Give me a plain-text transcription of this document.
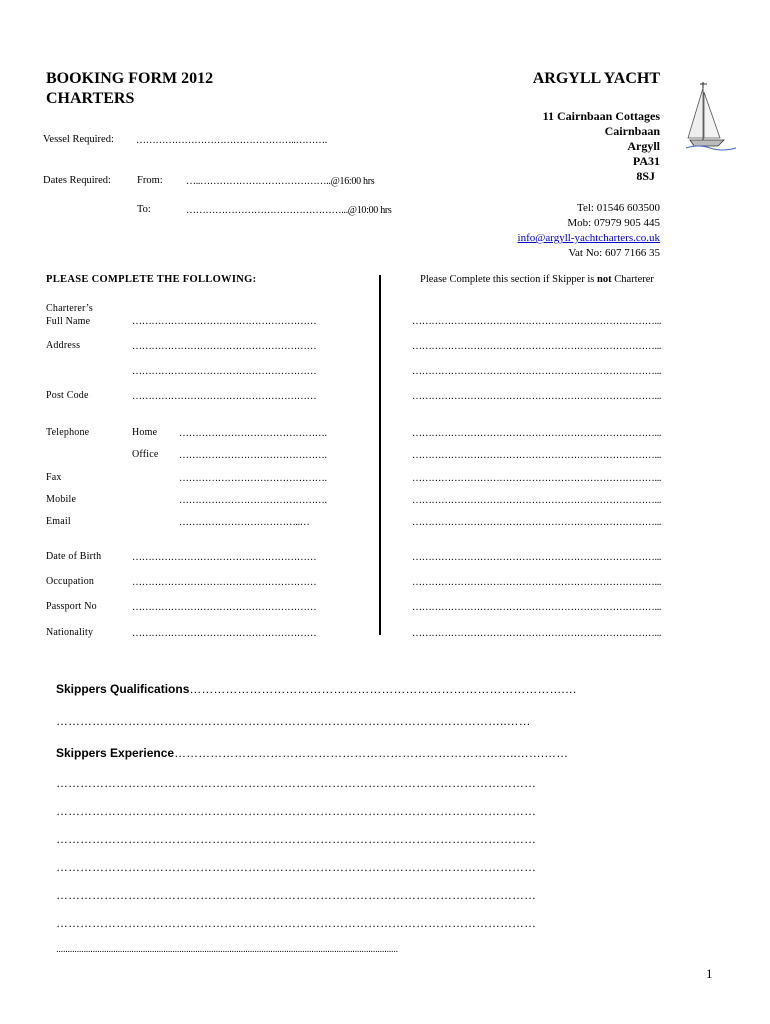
BOOKING FORM 2012
CHARTERS
ARGYLL YACHT
11 Cairnbaan Cottages
Cairnbaan
Argyll
PA31
8SJ
Tel: 01546 603500
Mob: 07979 905 445
info@argyll-yachtcharters.co.uk
Vat No: 607 7166 35
Vessel Required: …………………………………………..……….
Dates Required: From: …..…………………………………..@16:00 hrs
To:	…………………………………………...@10:00 hrs
PLEASE COMPLETE THE FOLLOWING:	Please Complete this section if Skipper is not Charterer
Charterer’s
Full Name	…………………………………………………	…………………………………………………………………...
Address	…………………………………………………	…………………………………………………………………...
…………………………………………………	…………………………………………………………………...
Post Code	…………………………………………………	…………………………………………………………………...
Telephone	Home ……………………………………….	…………………………………………………………………...
Office ……………………………………….	…………………………………………………………………...
Fax	……………………………………….	…………………………………………………………………...
Mobile	……………………………………….	…………………………………………………………………...
Email	………………………………..…	…………………………………………………………………...
Date of Birth	…………………………………………………	…………………………………………………………………...
Occupation	…………………………………………………	…………………………………………………………………...
Passport No	…………………………………………………	…………………………………………………………………...
Nationality	…………………………………………………	…………………………………………………………………...
Skippers Qualifications………………………………………………………………………………….…
…………………………………………………………………………………………………..……
Skippers Experience…………………………………………………………………………..…….……
…………………………………………………………………………………………………………
…………………………………………………………………………………………………………
…………………………………………………………………………………………………………
…………………………………………………………………………………………………………
…………………………………………………………………………………………………………
…………………………………………………………………………………………………………
......................................................................................................................................................
1
